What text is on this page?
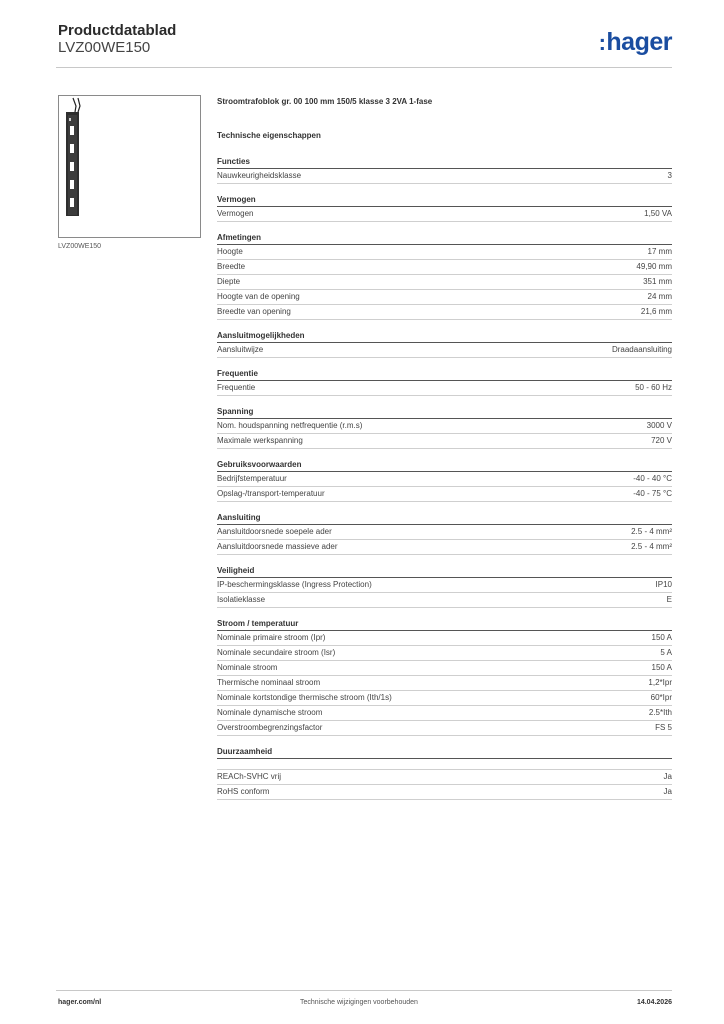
Productdatablad
LVZ00WE150	:hager
LVZ00WE150
Stroomtrafoblok gr. 00 100 mm 150/5 klasse 3 2VA 1-fase
Technische eigenschappen
Functies
Nauwkeurigheidsklasse	3
Vermogen
Vermogen	1,50 VA
Afmetingen
Hoogte	17 mm
Breedte	49,90 mm
Diepte	351 mm
Hoogte van de opening	24 mm
Breedte van opening	21,6 mm
Aansluitmogelijkheden
Aansluitwijze	Draadaansluiting
Frequentie
Frequentie	50 - 60 Hz
Spanning
Nom. houdspanning netfrequentie (r.m.s)	3000 V
Maximale werkspanning	720 V
Gebruiksvoorwaarden
Bedrijfstemperatuur	-40 - 40 °C
Opslag-/transport-temperatuur	-40 - 75 °C
Aansluiting
Aansluitdoorsnede soepele ader	2.5 - 4 mm²
Aansluitdoorsnede massieve ader	2.5 - 4 mm²
Veiligheid
IP-beschermingsklasse (Ingress Protection)	IP10
Isolatieklasse	E
Stroom / temperatuur
Nominale primaire stroom (Ipr)	150 A
Nominale secundaire stroom (Isr)	5 A
Nominale stroom	150 A
Thermische nominaal stroom	1,2*Ipr
Nominale kortstondige thermische stroom (Ith/1s)	60*Ipr
Nominale dynamische stroom	2.5*Ith
Overstroombegrenzingsfactor	FS 5
Duurzaamheid
REACh-SVHC vrij	Ja
RoHS conform	Ja
hager.com/nl	Technische wijzigingen voorbehouden	14.04.2026
